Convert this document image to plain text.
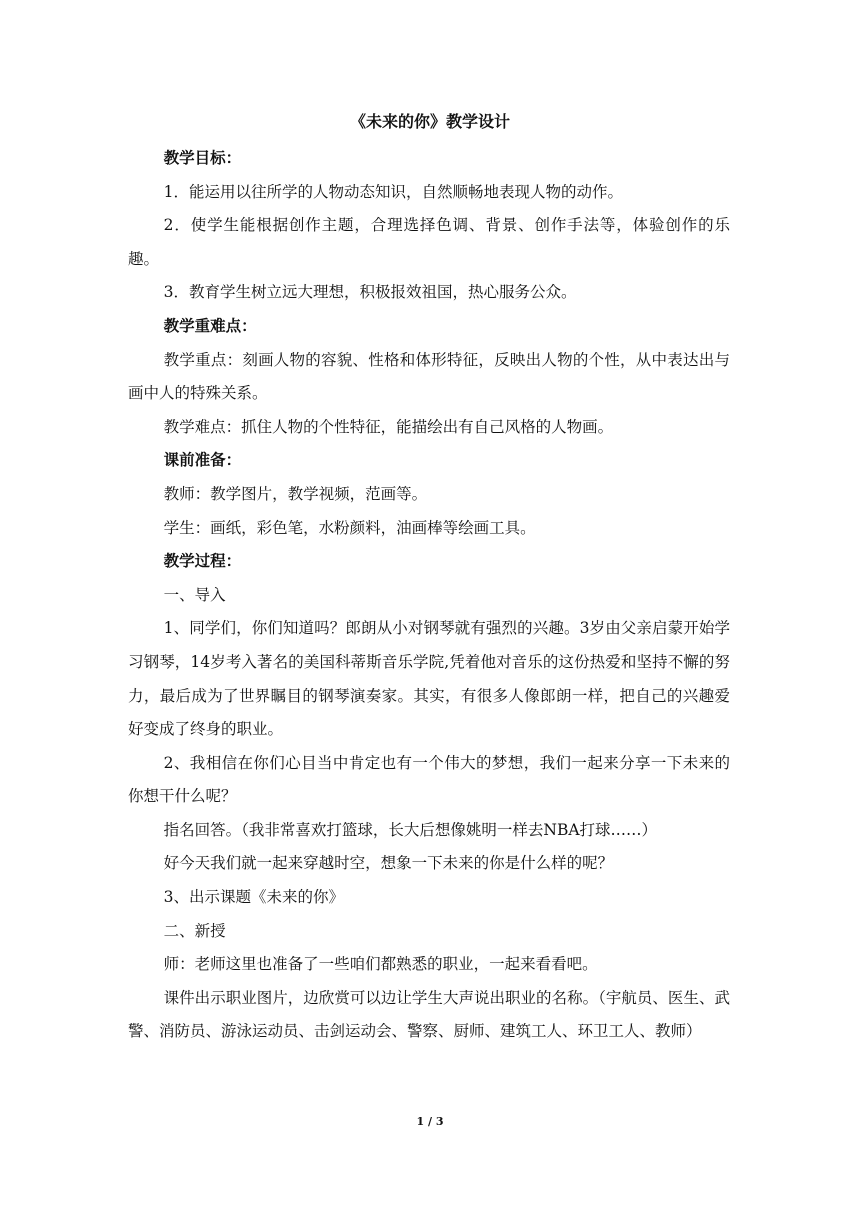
《未来的你》教学设计

教学目标：

1．能运用以往所学的人物动态知识，自然顺畅地表现人物的动作。

2．使学生能根据创作主题，合理选择色调、背景、创作手法等，体验创作的乐趣。

3．教育学生树立远大理想，积极报效祖国，热心服务公众。

教学重难点：

教学重点：刻画人物的容貌、性格和体形特征，反映出人物的个性，从中表达出与画中人的特殊关系。

教学难点：抓住人物的个性特征，能描绘出有自己风格的人物画。

课前准备：

教师：教学图片，教学视频，范画等。

学生：画纸，彩色笔，水粉颜料，油画棒等绘画工具。

教学过程：

一、导入

1、同学们，你们知道吗？郎朗从小对钢琴就有强烈的兴趣。3岁由父亲启蒙开始学习钢琴，14岁考入著名的美国科蒂斯音乐学院,凭着他对音乐的这份热爱和坚持不懈的努力，最后成为了世界瞩目的钢琴演奏家。其实，有很多人像郎朗一样，把自己的兴趣爱好变成了终身的职业。

2、我相信在你们心目当中肯定也有一个伟大的梦想，我们一起来分享一下未来的你想干什么呢？

指名回答。（我非常喜欢打篮球，长大后想像姚明一样去NBA打球……）

好今天我们就一起来穿越时空，想象一下未来的你是什么样的呢？

3、出示课题《未来的你》

二、新授

师：老师这里也准备了一些咱们都熟悉的职业，一起来看看吧。

课件出示职业图片，边欣赏可以边让学生大声说出职业的名称。（宇航员、医生、武警、消防员、游泳运动员、击剑运动会、警察、厨师、建筑工人、环卫工人、教师）

1 / 3
